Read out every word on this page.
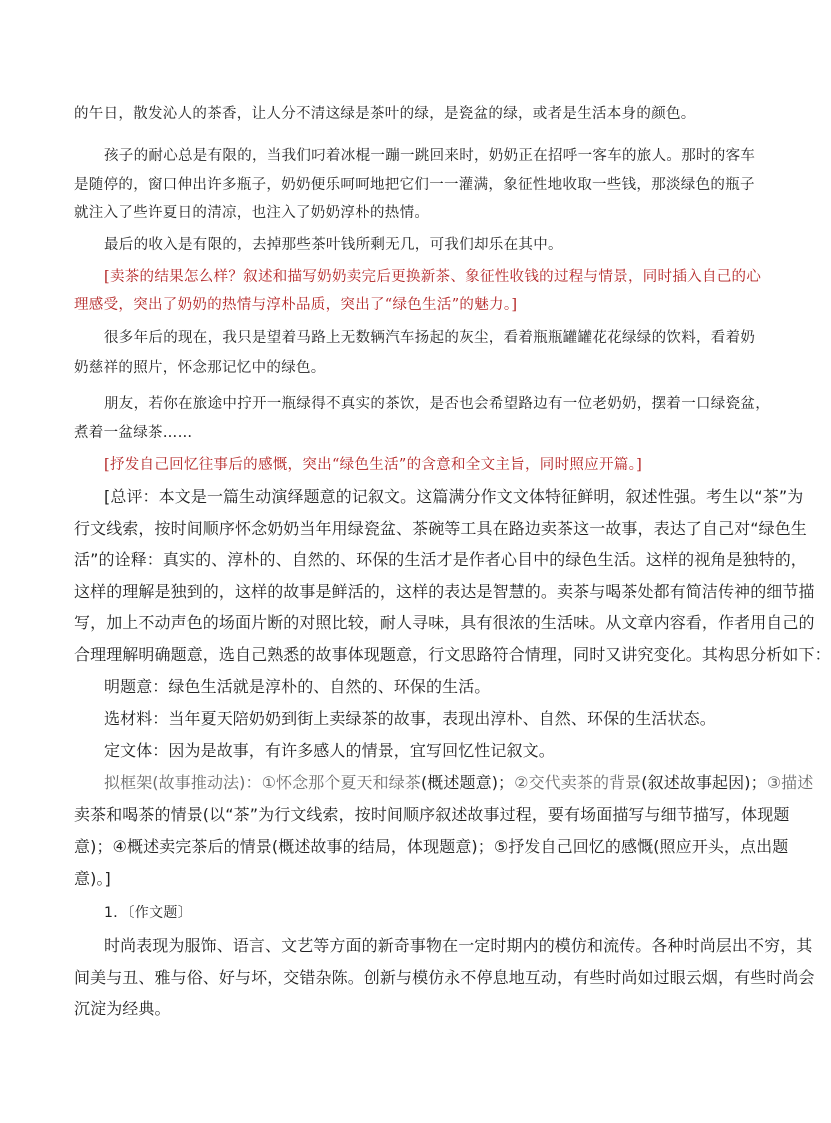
的午日，散发沁人的茶香，让人分不清这绿是茶叶的绿，是瓷盆的绿，或者是生活本身的颜色。
孩子的耐心总是有限的，当我们叼着冰棍一蹦一跳回来时，奶奶正在招呼一客车的旅人。那时的客车
是随停的，窗口伸出许多瓶子，奶奶便乐呵呵地把它们一一灌满，象征性地收取一些钱，那淡绿色的瓶子
就注入了些许夏日的清凉，也注入了奶奶淳朴的热情。
最后的收入是有限的，去掉那些茶叶钱所剩无几，可我们却乐在其中。
[卖茶的结果怎么样？叙述和描写奶奶卖完后更换新茶、象征性收钱的过程与情景，同时插入自己的心
理感受，突出了奶奶的热情与淳朴品质，突出了“绿色生活”的魅力。]
很多年后的现在，我只是望着马路上无数辆汽车扬起的灰尘，看着瓶瓶罐罐花花绿绿的饮料，看着奶
奶慈祥的照片，怀念那记忆中的绿色。
朋友，若你在旅途中拧开一瓶绿得不真实的茶饮，是否也会希望路边有一位老奶奶，摆着一口绿瓷盆，
煮着一盆绿茶……
[抒发自己回忆往事后的感慨，突出“绿色生活”的含意和全文主旨，同时照应开篇。]
[总评：本文是一篇生动演绎题意的记叙文。这篇满分作文文体特征鲜明，叙述性强。考生以“茶”为
行文线索，按时间顺序怀念奶奶当年用绿瓷盆、茶碗等工具在路边卖茶这一故事，表达了自己对“绿色生
活”的诠释：真实的、淳朴的、自然的、环保的生活才是作者心目中的绿色生活。这样的视角是独特的，
这样的理解是独到的，这样的故事是鲜活的，这样的表达是智慧的。卖茶与喝茶处都有简洁传神的细节描
写，加上不动声色的场面片断的对照比较，耐人寻味，具有很浓的生活味。从文章内容看，作者用自己的
合理理解明确题意，选自己熟悉的故事体现题意，行文思路符合情理，同时又讲究变化。其构思分析如下：
明题意：绿色生活就是淳朴的、自然的、环保的生活。
选材料：当年夏天陪奶奶到街上卖绿茶的故事，表现出淳朴、自然、环保的生活状态。
定文体：因为是故事，有许多感人的情景，宜写回忆性记叙文。
拟框架(故事推动法)：①怀念那个夏天和绿茶(概述题意)；②交代卖茶的背景(叙述故事起因)；③描述
卖茶和喝茶的情景(以“茶”为行文线索，按时间顺序叙述故事过程，要有场面描写与细节描写，体现题
意)；④概述卖完茶后的情景(概述故事的结局，体现题意)；⑤抒发自己回忆的感慨(照应开头，点出题
意)。]
1．〔作文题〕
时尚表现为服饰、语言、文艺等方面的新奇事物在一定时期内的模仿和流传。各种时尚层出不穷，其
间美与丑、雅与俗、好与坏，交错杂陈。创新与模仿永不停息地互动，有些时尚如过眼云烟，有些时尚会
沉淀为经典。
